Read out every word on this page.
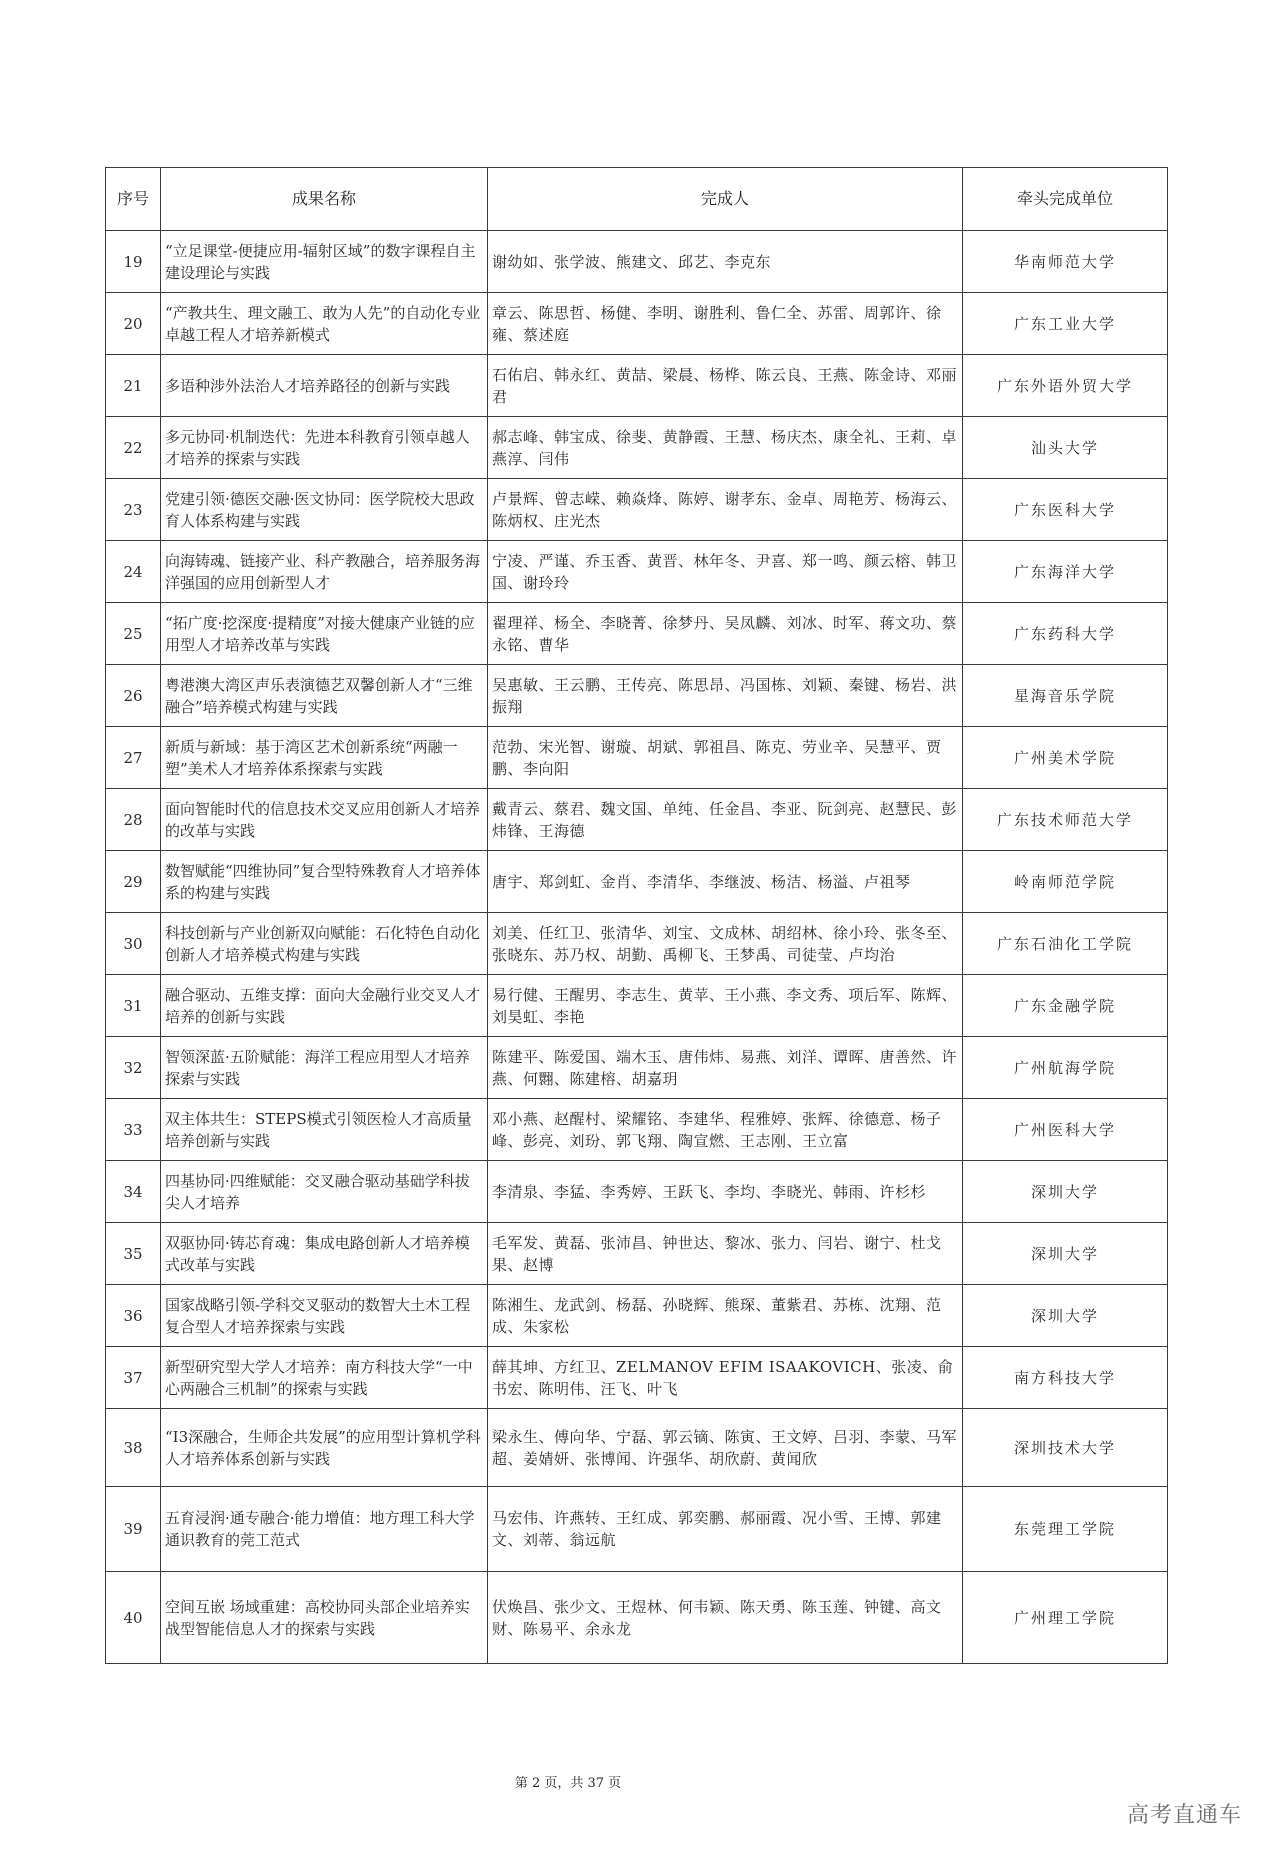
序号	成果名称	完成人	牵头完成单位
19	“立足课堂-便捷应用-辐射区域”的数字课程自主建设理论与实践	谢幼如、张学波、熊建文、邱艺、李克东	华南师范大学
20	“产教共生、理文融工、敢为人先”的自动化专业卓越工程人才培养新模式	章云、陈思哲、杨健、李明、谢胜利、鲁仁全、苏雷、周郭许、徐雍、蔡述庭	广东工业大学
21	多语种涉外法治人才培养路径的创新与实践	石佑启、韩永红、黄喆、梁晨、杨桦、陈云良、王燕、陈金诗、邓丽君	广东外语外贸大学
22	多元协同·机制迭代：先进本科教育引领卓越人才培养的探索与实践	郝志峰、韩宝成、徐斐、黄静霞、王慧、杨庆杰、康全礼、王莉、卓燕淳、闫伟	汕头大学
23	党建引领·德医交融·医文协同：医学院校大思政育人体系构建与实践	卢景辉、曾志嵘、赖焱烽、陈婷、谢孝东、金卓、周艳芳、杨海云、陈炳权、庄光杰	广东医科大学
24	向海铸魂、链接产业、科产教融合，培养服务海洋强国的应用创新型人才	宁凌、严谨、乔玉香、黄晋、林年冬、尹喜、郑一鸣、颜云榕、韩卫国、谢玲玲	广东海洋大学
25	“拓广度·挖深度·提精度”对接大健康产业链的应用型人才培养改革与实践	翟理祥、杨全、李晓菁、徐梦丹、吴凤麟、刘冰、时军、蒋文功、蔡永铭、曹华	广东药科大学
26	粤港澳大湾区声乐表演德艺双馨创新人才“三维融合”培养模式构建与实践	吴惠敏、王云鹏、王传亮、陈思昂、冯国栋、刘颖、秦键、杨岩、洪振翔	星海音乐学院
27	新质与新域：基于湾区艺术创新系统“两融一塑”美术人才培养体系探索与实践	范勃、宋光智、谢璇、胡斌、郭祖昌、陈克、劳业辛、吴慧平、贾鹏、李向阳	广州美术学院
28	面向智能时代的信息技术交叉应用创新人才培养的改革与实践	戴青云、蔡君、魏文国、单纯、任金昌、李亚、阮剑亮、赵慧民、彭炜锋、王海德	广东技术师范大学
29	数智赋能“四维协同”复合型特殊教育人才培养体系的构建与实践	唐宇、郑剑虹、金肖、李清华、李继波、杨洁、杨溢、卢祖琴	岭南师范学院
30	科技创新与产业创新双向赋能：石化特色自动化创新人才培养模式构建与实践	刘美、任红卫、张清华、刘宝、文成林、胡绍林、徐小玲、张冬至、张晓东、苏乃权、胡勤、禹柳飞、王梦禹、司徒莹、卢均治	广东石油化工学院
31	融合驱动、五维支撑：面向大金融行业交叉人才培养的创新与实践	易行健、王醒男、李志生、黄苹、王小燕、李文秀、项后军、陈辉、刘昊虹、李艳	广东金融学院
32	智领深蓝·五阶赋能：海洋工程应用型人才培养探索与实践	陈建平、陈爱国、端木玉、唐伟炜、易燕、刘洋、谭晖、唐善然、许燕、何翾、陈建榕、胡嘉玥	广州航海学院
33	双主体共生：STEPS模式引领医检人才高质量培养创新与实践	邓小燕、赵醒村、梁耀铭、李建华、程雅婷、张辉、徐德意、杨子峰、彭亮、刘玢、郭飞翔、陶宣燃、王志刚、王立富	广州医科大学
34	四基协同·四维赋能：交叉融合驱动基础学科拔尖人才培养	李清泉、李猛、李秀婷、王跃飞、李均、李晓光、韩雨、许杉杉	深圳大学
35	双驱协同·铸芯育魂：集成电路创新人才培养模式改革与实践	毛军发、黄磊、张沛昌、钟世达、黎冰、张力、闫岩、谢宁、杜戈果、赵博	深圳大学
36	国家战略引领-学科交叉驱动的数智大土木工程复合型人才培养探索与实践	陈湘生、龙武剑、杨磊、孙晓辉、熊琛、董紫君、苏栋、沈翔、范成、朱家松	深圳大学
37	新型研究型大学人才培养：南方科技大学“一中心两融合三机制”的探索与实践	薛其坤、方红卫、ZELMANOV EFIM ISAAKOVICH、张凌、俞书宏、陈明伟、汪飞、叶飞	南方科技大学
38	“I3深融合，生师企共发展”的应用型计算机学科人才培养体系创新与实践	梁永生、傅向华、宁磊、郭云镝、陈寅、王文婷、吕羽、李蒙、马军超、姜婧妍、张博闻、许强华、胡欣蔚、黄闻欣	深圳技术大学
39	五育浸润·通专融合·能力增值：地方理工科大学通识教育的莞工范式	马宏伟、许燕转、王红成、郭奕鹏、郝丽霞、况小雪、王博、郭建文、刘蒂、翁远航	东莞理工学院
40	空间互嵌 场域重建：高校协同头部企业培养实战型智能信息人才的探索与实践	伏焕昌、张少文、王煜林、何韦颖、陈天勇、陈玉莲、钟键、高文财、陈易平、余永龙	广州理工学院
第 2 页，共 37 页
高考直通车
